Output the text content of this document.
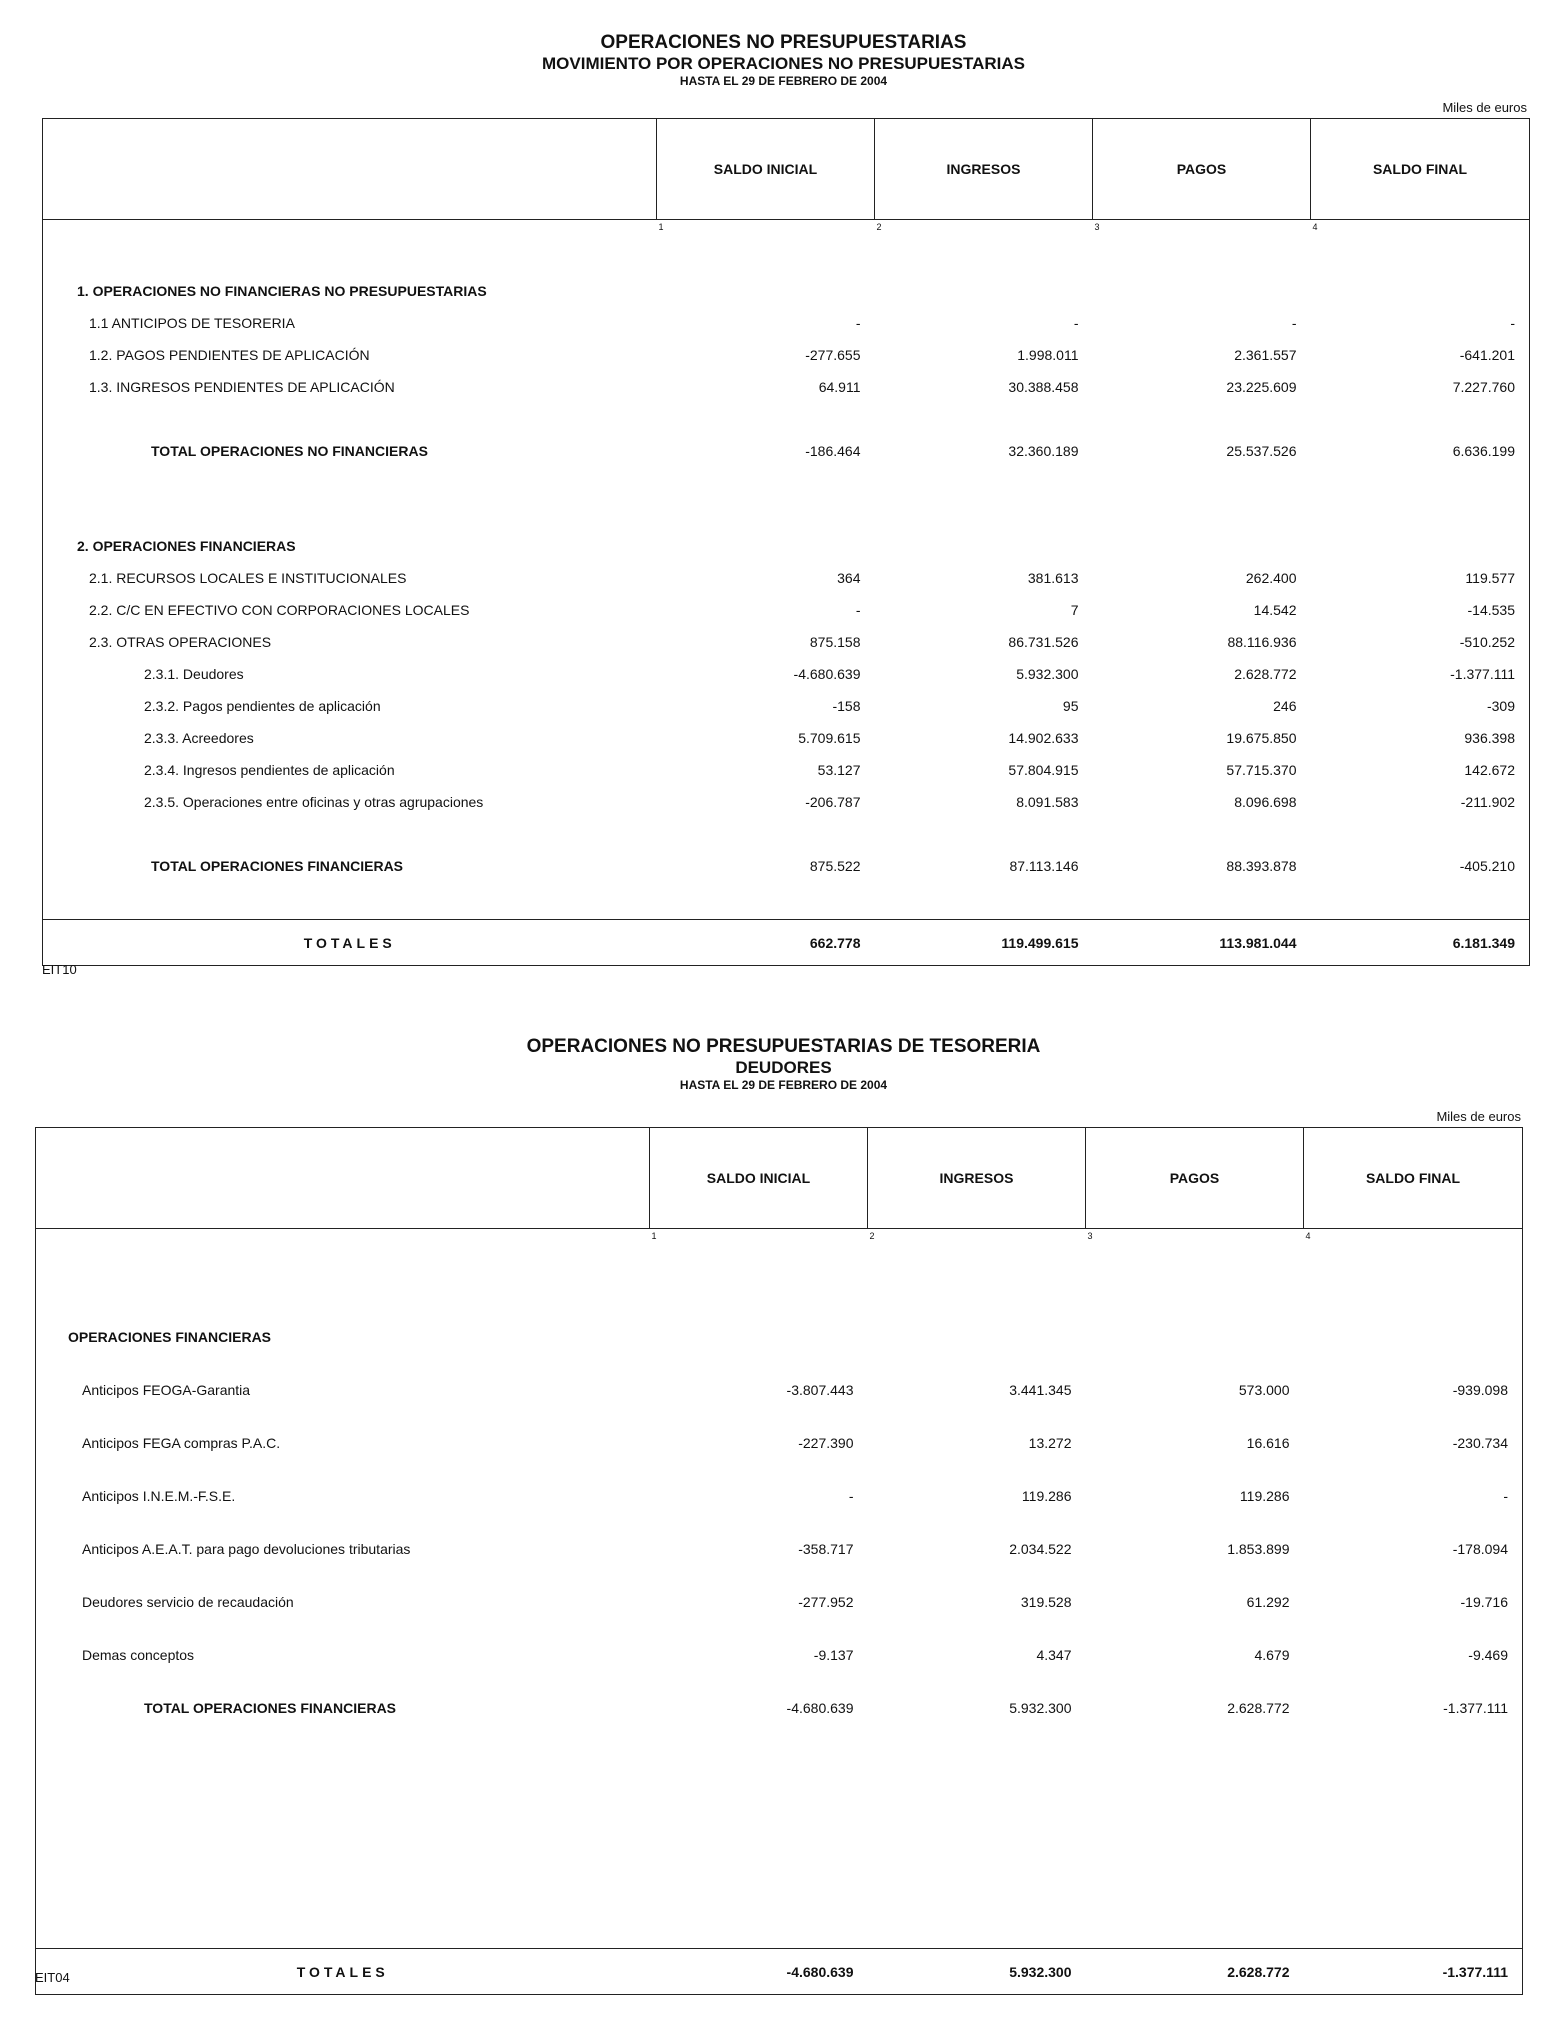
OPERACIONES NO PRESUPUESTARIAS
MOVIMIENTO POR OPERACIONES NO PRESUPUESTARIAS
HASTA EL 29 DE FEBRERO DE 2004
Miles de euros
	SALDO INICIAL	INGRESOS	PAGOS	SALDO FINAL
	1	2	3	4
1. OPERACIONES NO FINANCIERAS NO PRESUPUESTARIAS				
1.1 ANTICIPOS DE TESORERIA	-	-	-	-
1.2. PAGOS PENDIENTES DE APLICACIÓN	-277.655	1.998.011	2.361.557	-641.201
1.3. INGRESOS PENDIENTES DE APLICACIÓN	64.911	30.388.458	23.225.609	7.227.760

TOTAL OPERACIONES NO FINANCIERAS	-186.464	32.360.189	25.537.526	6.636.199

2. OPERACIONES FINANCIERAS				
2.1. RECURSOS LOCALES E INSTITUCIONALES	364	381.613	262.400	119.577
2.2. C/C EN EFECTIVO CON CORPORACIONES LOCALES	-	7	14.542	-14.535
2.3. OTRAS OPERACIONES	875.158	86.731.526	88.116.936	-510.252
2.3.1. Deudores	-4.680.639	5.932.300	2.628.772	-1.377.111
2.3.2. Pagos pendientes de aplicación	-158	95	246	-309
2.3.3. Acreedores	5.709.615	14.902.633	19.675.850	936.398
2.3.4. Ingresos pendientes de aplicación	53.127	57.804.915	57.715.370	142.672
2.3.5. Operaciones entre oficinas y otras agrupaciones	-206.787	8.091.583	8.096.698	-211.902

TOTAL OPERACIONES FINANCIERAS	875.522	87.113.146	88.393.878	-405.210

TOTALES	662.778	119.499.615	113.981.044	6.181.349
EIT10
OPERACIONES NO PRESUPUESTARIAS DE TESORERIA
DEUDORES
HASTA EL 29 DE FEBRERO DE 2004
Miles de euros
	SALDO INICIAL	INGRESOS	PAGOS	SALDO FINAL
	1	2	3	4
OPERACIONES FINANCIERAS				
Anticipos FEOGA-Garantia	-3.807.443	3.441.345	573.000	-939.098
Anticipos FEGA compras P.A.C.	-227.390	13.272	16.616	-230.734
Anticipos I.N.E.M.-F.S.E.	-	119.286	119.286	-
Anticipos A.E.A.T. para pago devoluciones tributarias	-358.717	2.034.522	1.853.899	-178.094
Deudores servicio de recaudación	-277.952	319.528	61.292	-19.716
Demas conceptos	-9.137	4.347	4.679	-9.469
TOTAL OPERACIONES FINANCIERAS	-4.680.639	5.932.300	2.628.772	-1.377.111

TOTALES	-4.680.639	5.932.300	2.628.772	-1.377.111
EIT04
